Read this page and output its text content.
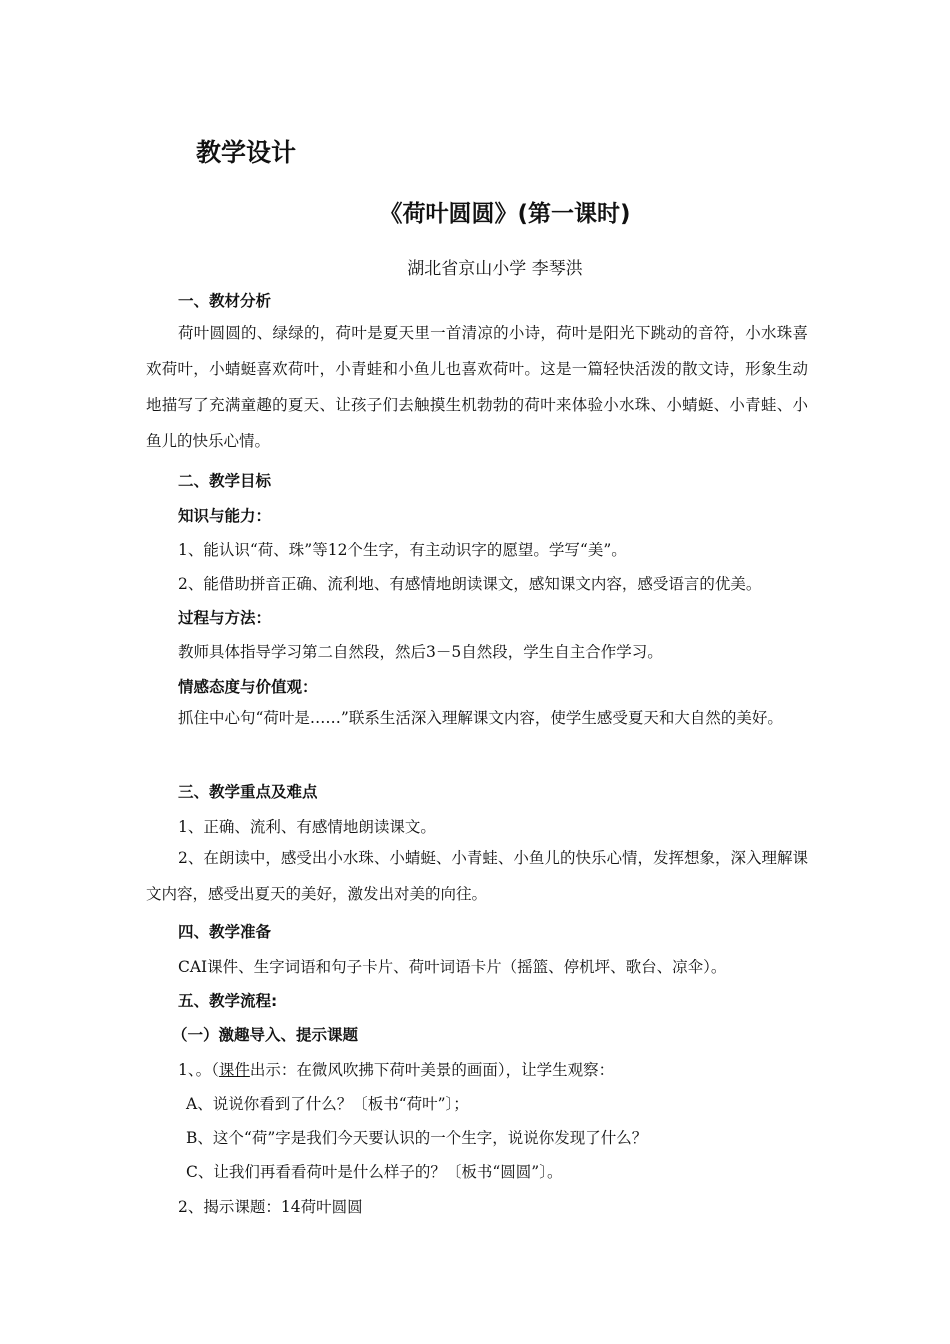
教学设计
《荷叶圆圆》(第一课时)
湖北省京山小学 李琴洪
一、教材分析
荷叶圆圆的、绿绿的，荷叶是夏天里一首清凉的小诗，荷叶是阳光下跳动的音符，小水珠喜欢荷叶，小蜻蜓喜欢荷叶，小青蛙和小鱼儿也喜欢荷叶。这是一篇轻快活泼的散文诗，形象生动地描写了充满童趣的夏天、让孩子们去触摸生机勃勃的荷叶来体验小水珠、小蜻蜓、小青蛙、小鱼儿的快乐心情。
二、教学目标
知识与能力：
1、能认识“荷、珠”等12个生字，有主动识字的愿望。学写“美”。
2、能借助拼音正确、流利地、有感情地朗读课文，感知课文内容，感受语言的优美。
过程与方法：
教师具体指导学习第二自然段，然后3－5自然段，学生自主合作学习。
情感态度与价值观：
抓住中心句“荷叶是……”联系生活深入理解课文内容，使学生感受夏天和大自然的美好。
三、教学重点及难点
1、正确、流利、有感情地朗读课文。
2、在朗读中，感受出小水珠、小蜻蜓、小青蛙、小鱼儿的快乐心情，发挥想象，深入理解课文内容，感受出夏天的美好，激发出对美的向往。
四、教学准备
CAI课件、生字词语和句子卡片、荷叶词语卡片（摇篮、停机坪、歌台、凉伞）。
五、教学流程:
（一）激趣导入、提示课题
1、。（课件出示：在微风吹拂下荷叶美景的画面），让学生观察：
A、说说你看到了什么？〔板书“荷叶”〕；
B、这个“荷”字是我们今天要认识的一个生字，说说你发现了什么？
C、让我们再看看荷叶是什么样子的？〔板书“圆圆”〕。
2、揭示课题：14荷叶圆圆
